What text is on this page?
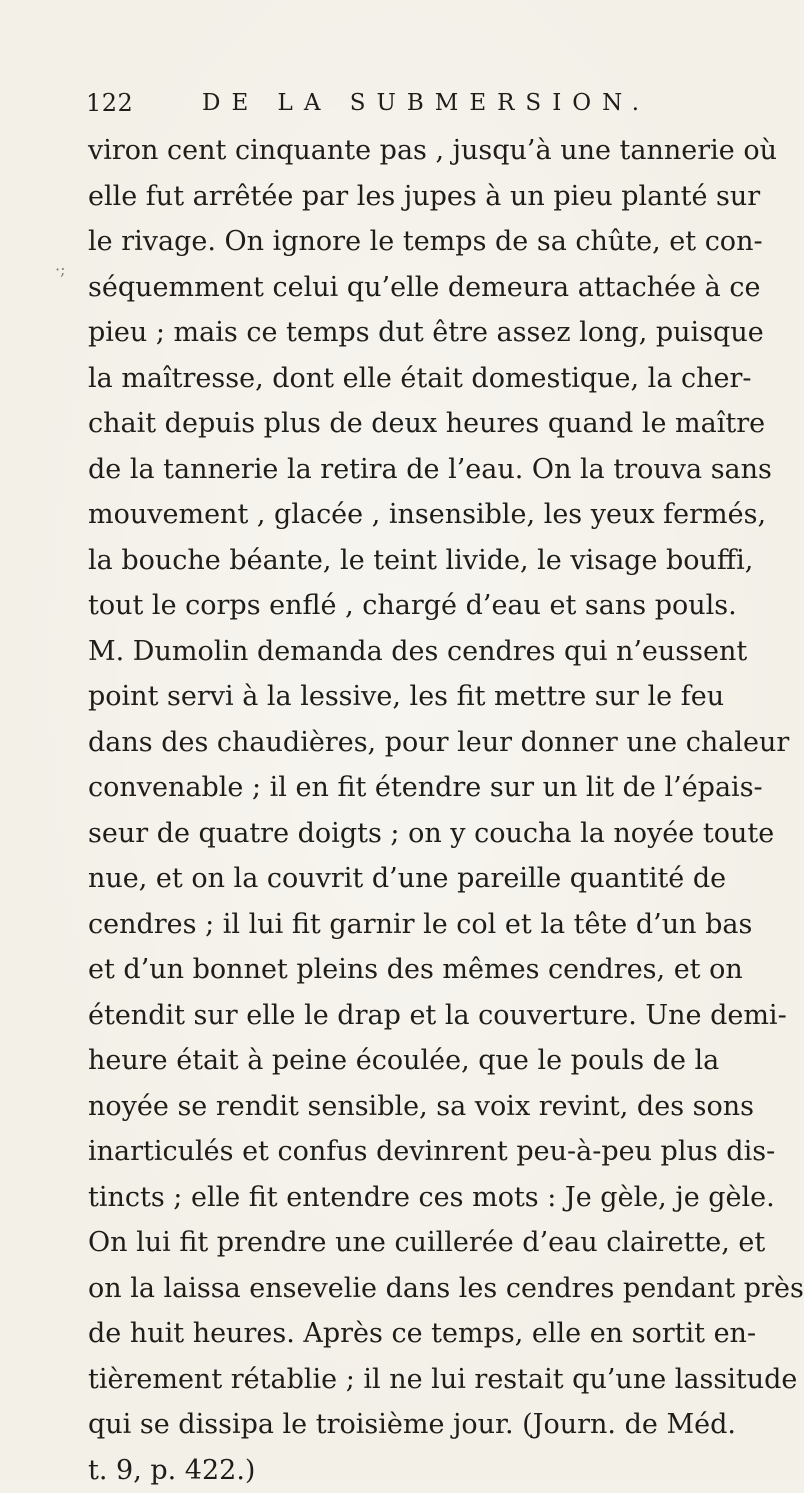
122	DE LA SUBMERSION.
·;
viron cent cinquante pas , jusqu’à une tannerie où
elle fut arrêtée par les jupes à un pieu planté sur
le rivage. On ignore le temps de sa chûte, et con-
séquemment celui qu’elle demeura attachée à ce
pieu ; mais ce temps dut être assez long, puisque
la maîtresse, dont elle était domestique, la cher-
chait depuis plus de deux heures quand le maître
de la tannerie la retira de l’eau. On la trouva sans
mouvement , glacée , insensible, les yeux fermés,
la bouche béante, le teint livide, le visage bouffi,
tout le corps enflé , chargé d’eau et sans pouls.
M. Dumolin demanda des cendres qui n’eussent
point servi à la lessive, les fit mettre sur le feu
dans des chaudières, pour leur donner une chaleur
convenable ; il en fit étendre sur un lit de l’épais-
seur de quatre doigts ; on y coucha la noyée toute
nue, et on la couvrit d’une pareille quantité de
cendres ; il lui fit garnir le col et la tête d’un bas
et d’un bonnet pleins des mêmes cendres, et on
étendit sur elle le drap et la couverture. Une demi-
heure était à peine écoulée, que le pouls de la
noyée se rendit sensible, sa voix revint, des sons
inarticulés et confus devinrent peu-à-peu plus dis-
tincts ; elle fit entendre ces mots : Je gèle, je gèle.
On lui fit prendre une cuillerée d’eau clairette, et
on la laissa ensevelie dans les cendres pendant près
de huit heures. Après ce temps, elle en sortit en-
tièrement rétablie ; il ne lui restait qu’une lassitude
qui se dissipa le troisième jour. (Journ. de Méd.
t. 9, p. 422.)
